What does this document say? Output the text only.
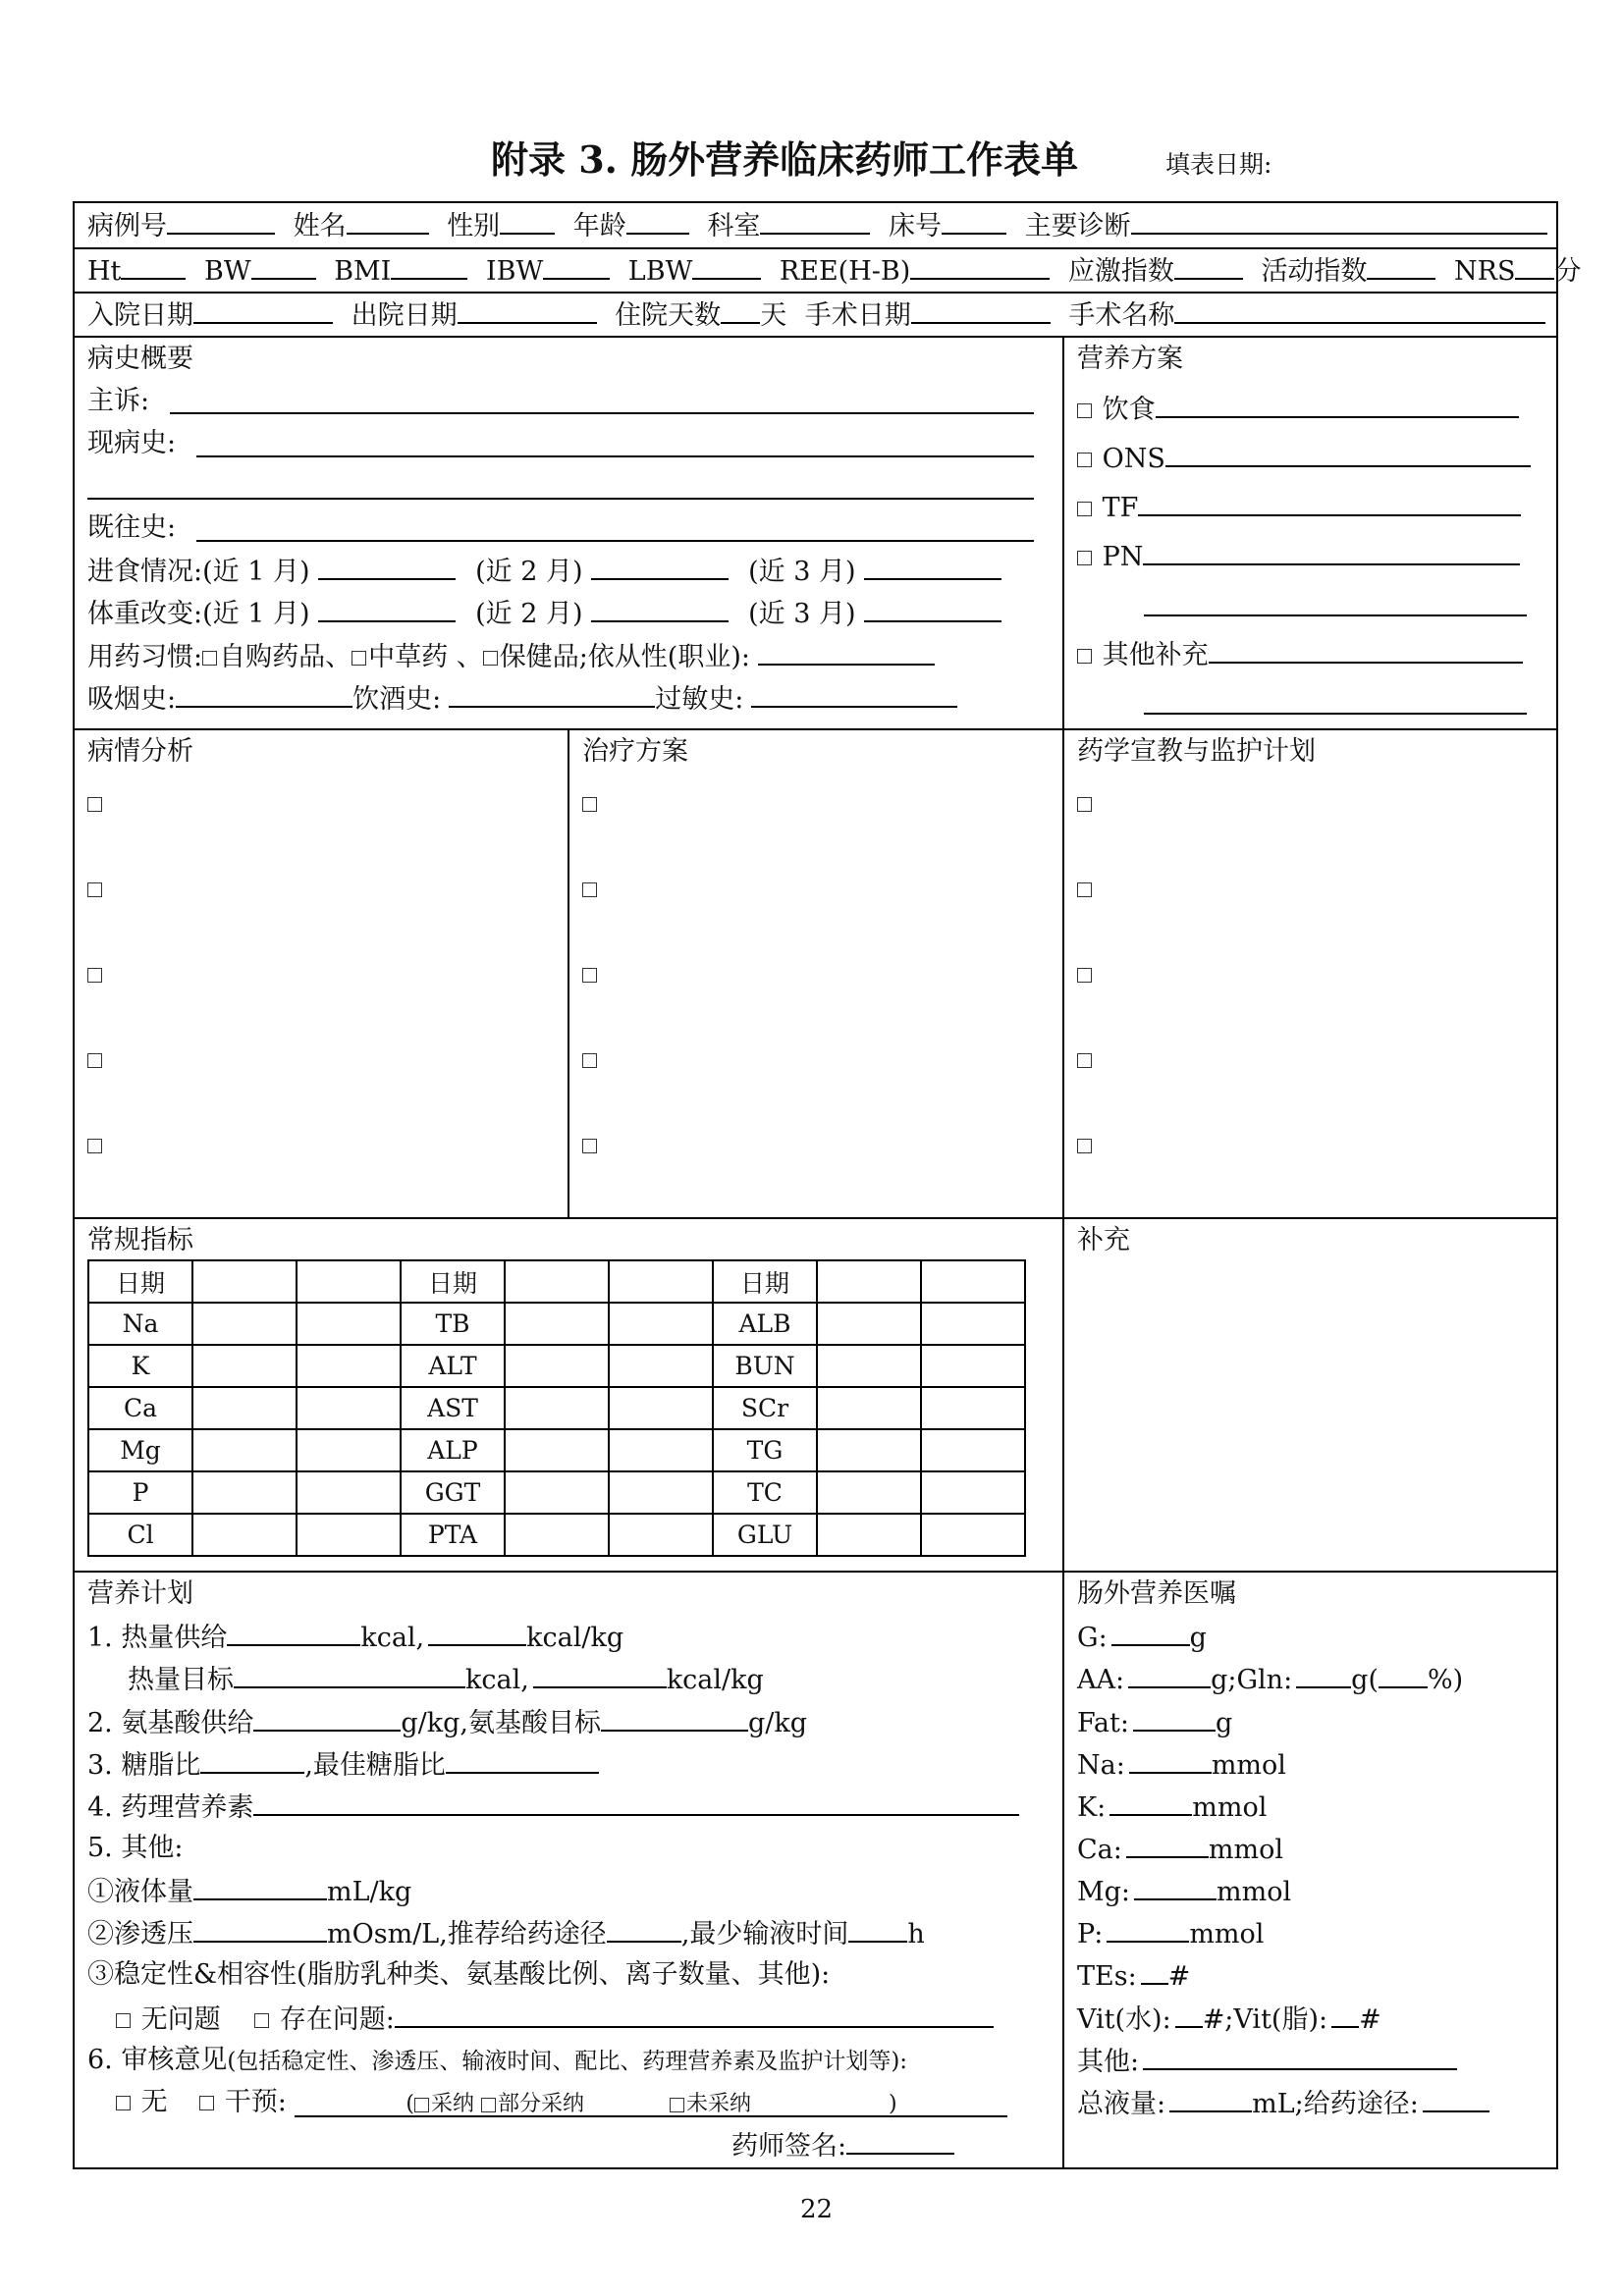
附录 3. 肠外营养临床药师工作表单	填表日期:
病例号	姓名	性别	年龄	科室	床号	主要诊断
Ht	BW	BMI	IBW	LBW	REE(H-B)	应激指数	活动指数	NRS 分
入院日期	出院日期	住院天数 天 手术日期	手术名称
病史概要
主诉:
现病史:
既往史:
进食情况:(近 1 月)	(近 2 月)	(近 3 月)
体重改变:(近 1 月)	(近 2 月)	(近 3 月)
用药习惯: 自购药品、 中草药 、 保健品;依从性(职业):
吸烟史:	饮酒史:	过敏史:
营养方案
饮食
ONS
TF
PN
其他补充
病情分析	治疗方案	药学宣教与监护计划
常规指标	补充
日期			日期			日期		
Na			TB			ALB		
K			ALT			BUN		
Ca			AST			SCr		
Mg			ALP			TG		
P			GGT			TC		
Cl			PTA			GLU		
营养计划
1. 热量供给	kcal,	kcal/kg
热量目标	kcal,	kcal/kg
2. 氨基酸供给	g/kg,氨基酸目标	g/kg
3. 糖脂比	,最佳糖脂比
4. 药理营养素
5. 其他:
①液体量	mL/kg
②渗透压	mOsm/L,推荐给药途径	,最少输液时间 h
③稳定性&相容性(脂肪乳种类、氨基酸比例、离子数量、其他):
无问题 存在问题:
6. 审核意见(包括稳定性、渗透压、输液时间、配比、药理营养素及监护计划等):
无 干预:	( 采纳 部分采纳	未采纳	)
药师签名:
肠外营养医嘱
G:	g
AA:	g;Gln: g( %)
Fat:	g
Na:	mmol
K:	mmol
Ca:	mmol
Mg:	mmol
P:	mmol
TEs: #
Vit(水): #;Vit(脂): #
其他:
总液量:	mL;给药途径:
22
